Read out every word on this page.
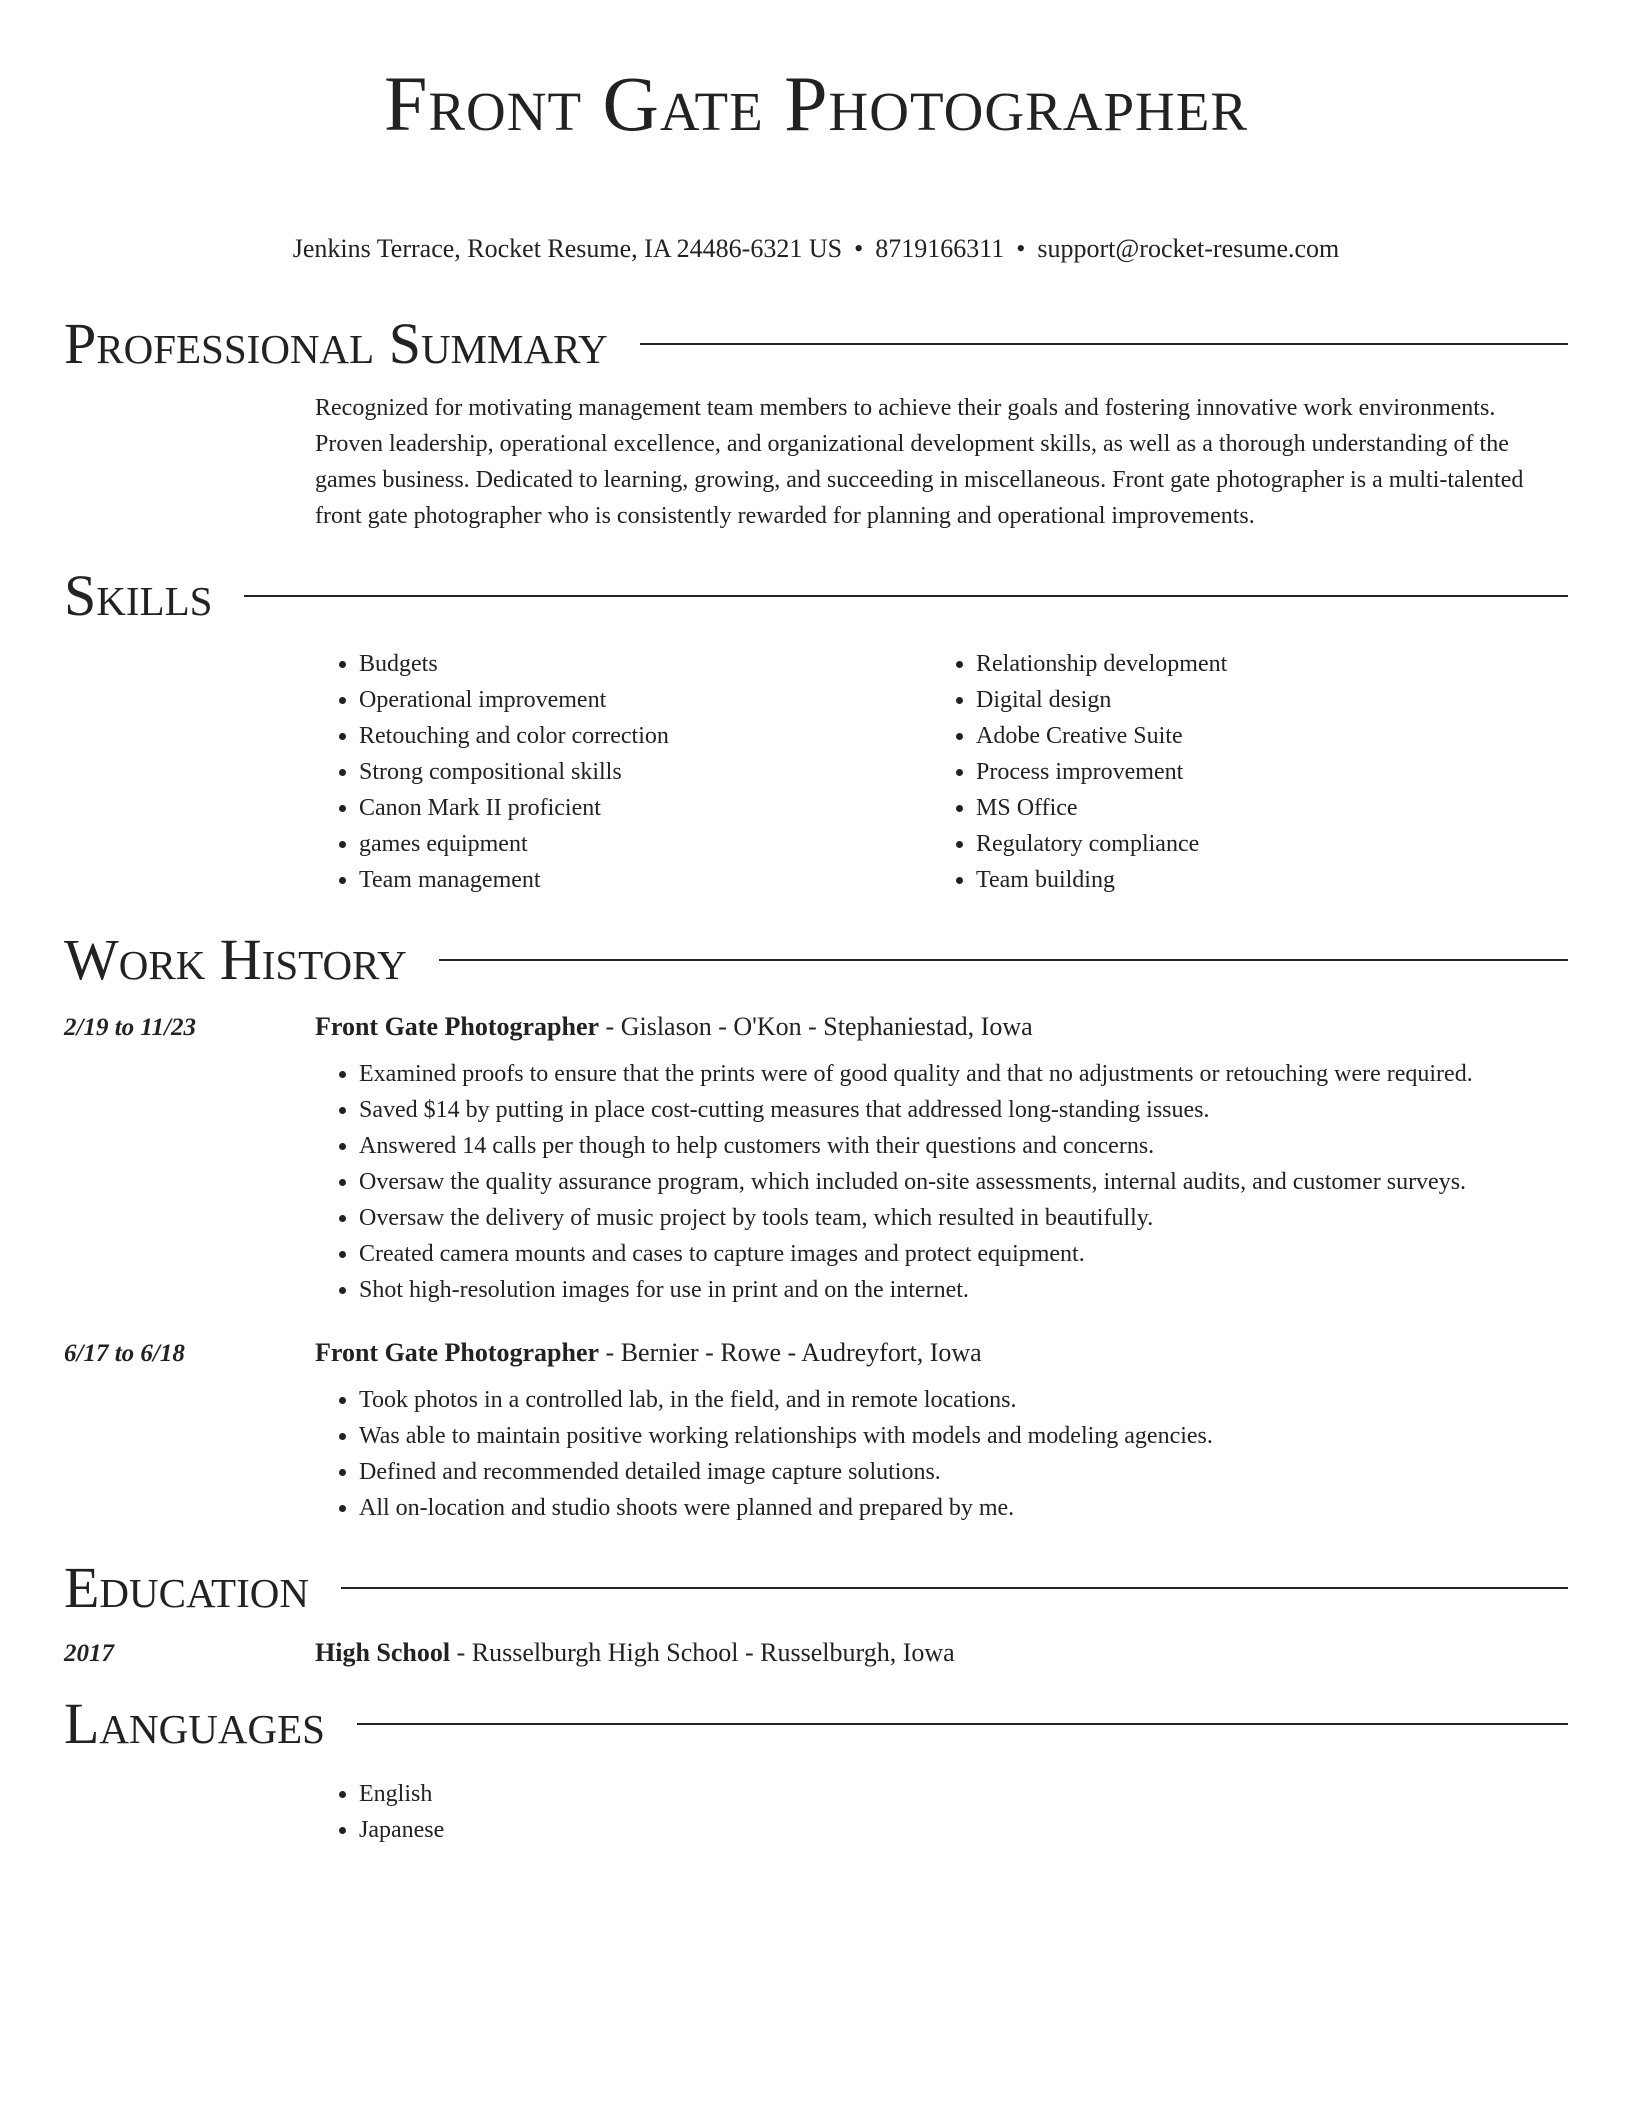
Front Gate Photographer
Jenkins Terrace, Rocket Resume, IA 24486-6321 US • 8719166311 • support@rocket-resume.com
Professional Summary
Recognized for motivating management team members to achieve their goals and fostering innovative work environments. Proven leadership, operational excellence, and organizational development skills, as well as a thorough understanding of the games business. Dedicated to learning, growing, and succeeding in miscellaneous. Front gate photographer is a multi-talented front gate photographer who is consistently rewarded for planning and operational improvements.
Skills
• Budgets
• Operational improvement
• Retouching and color correction
• Strong compositional skills
• Canon Mark II proficient
• games equipment
• Team management
• Relationship development
• Digital design
• Adobe Creative Suite
• Process improvement
• MS Office
• Regulatory compliance
• Team building
Work History
2/19 to 11/23	Front Gate Photographer - Gislason - O'Kon - Stephaniestad, Iowa
• Examined proofs to ensure that the prints were of good quality and that no adjustments or retouching were required.
• Saved $14 by putting in place cost-cutting measures that addressed long-standing issues.
• Answered 14 calls per though to help customers with their questions and concerns.
• Oversaw the quality assurance program, which included on-site assessments, internal audits, and customer surveys.
• Oversaw the delivery of music project by tools team, which resulted in beautifully.
• Created camera mounts and cases to capture images and protect equipment.
• Shot high-resolution images for use in print and on the internet.
6/17 to 6/18	Front Gate Photographer - Bernier - Rowe - Audreyfort, Iowa
• Took photos in a controlled lab, in the field, and in remote locations.
• Was able to maintain positive working relationships with models and modeling agencies.
• Defined and recommended detailed image capture solutions.
• All on-location and studio shoots were planned and prepared by me.
Education
2017	High School - Russelburgh High School - Russelburgh, Iowa
Languages
• English
• Japanese
